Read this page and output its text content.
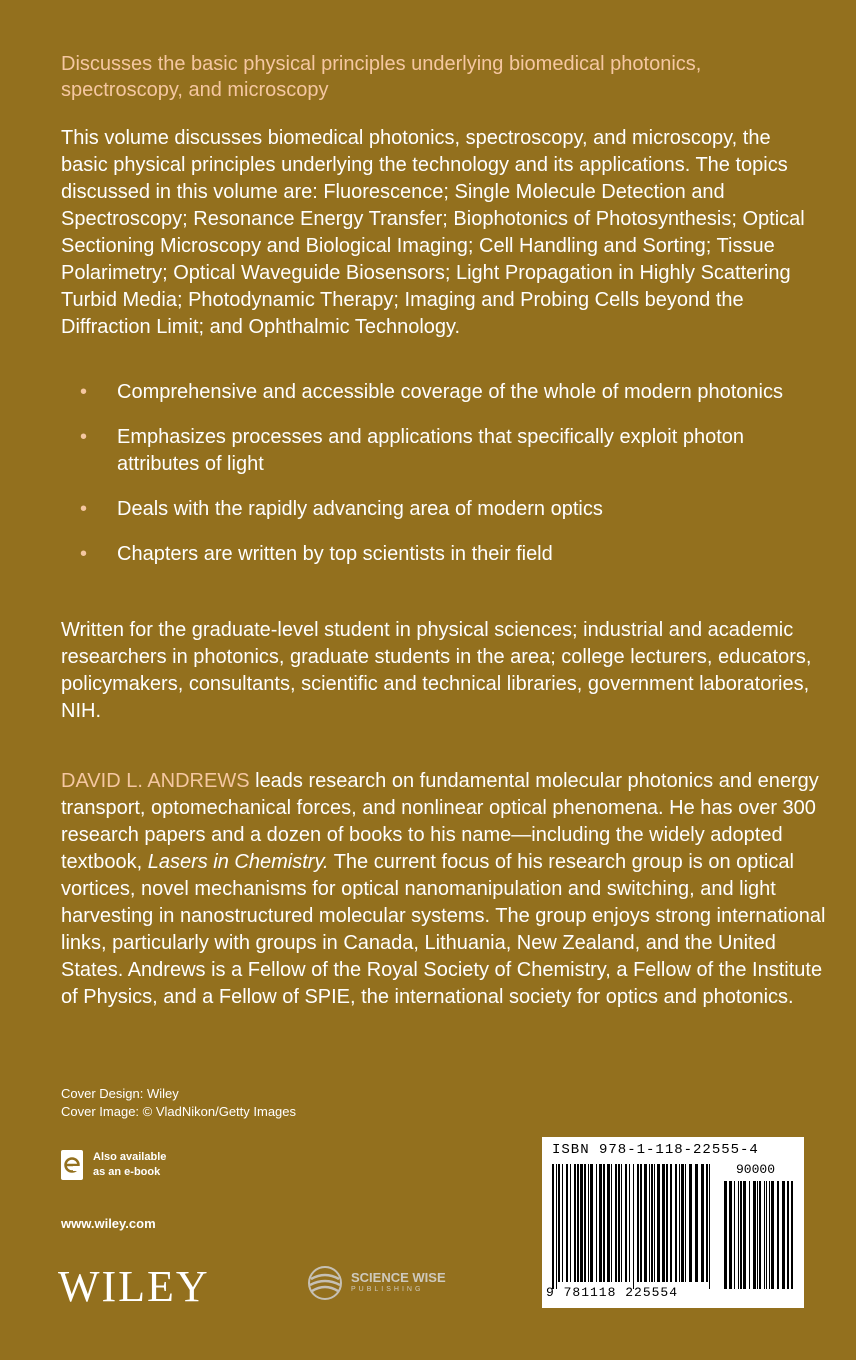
Discusses the basic physical principles underlying biomedical photonics, spectroscopy, and microscopy

This volume discusses biomedical photonics, spectroscopy, and microscopy, the basic physical principles underlying the technology and its applications. The topics discussed in this volume are: Fluorescence; Single Molecule Detection and Spectroscopy; Resonance Energy Transfer; Biophotonics of Photosynthesis; Optical Sectioning Microscopy and Biological Imaging; Cell Handling and Sorting; Tissue Polarimetry; Optical Waveguide Biosensors; Light Propagation in Highly Scattering Turbid Media; Photodynamic Therapy; Imaging and Probing Cells beyond the Diffraction Limit; and Ophthalmic Technology.

• Comprehensive and accessible coverage of the whole of modern photonics
• Emphasizes processes and applications that specifically exploit photon attributes of light
• Deals with the rapidly advancing area of modern optics
• Chapters are written by top scientists in their field

Written for the graduate-level student in physical sciences; industrial and academic researchers in photonics, graduate students in the area; college lecturers, educators, policymakers, consultants, scientific and technical libraries, government laboratories, NIH.

DAVID L. ANDREWS leads research on fundamental molecular photonics and energy transport, optomechanical forces, and nonlinear optical phenomena. He has over 300 research papers and a dozen of books to his name—including the widely adopted textbook, Lasers in Chemistry. The current focus of his research group is on optical vortices, novel mechanisms for optical nanomanipulation and switching, and light harvesting in nanostructured molecular systems. The group enjoys strong international links, particularly with groups in Canada, Lithuania, New Zealand, and the United States. Andrews is a Fellow of the Royal Society of Chemistry, a Fellow of the Institute of Physics, and a Fellow of SPIE, the international society for optics and photonics.

Cover Design: Wiley
Cover Image: © VladNikon/Getty Images
Also available
as an e-book
www.wiley.com
WILEY	SCIENCE WISE
PUBLISHING
ISBN 978-1-118-22555-4
90000
9 781118 225554
